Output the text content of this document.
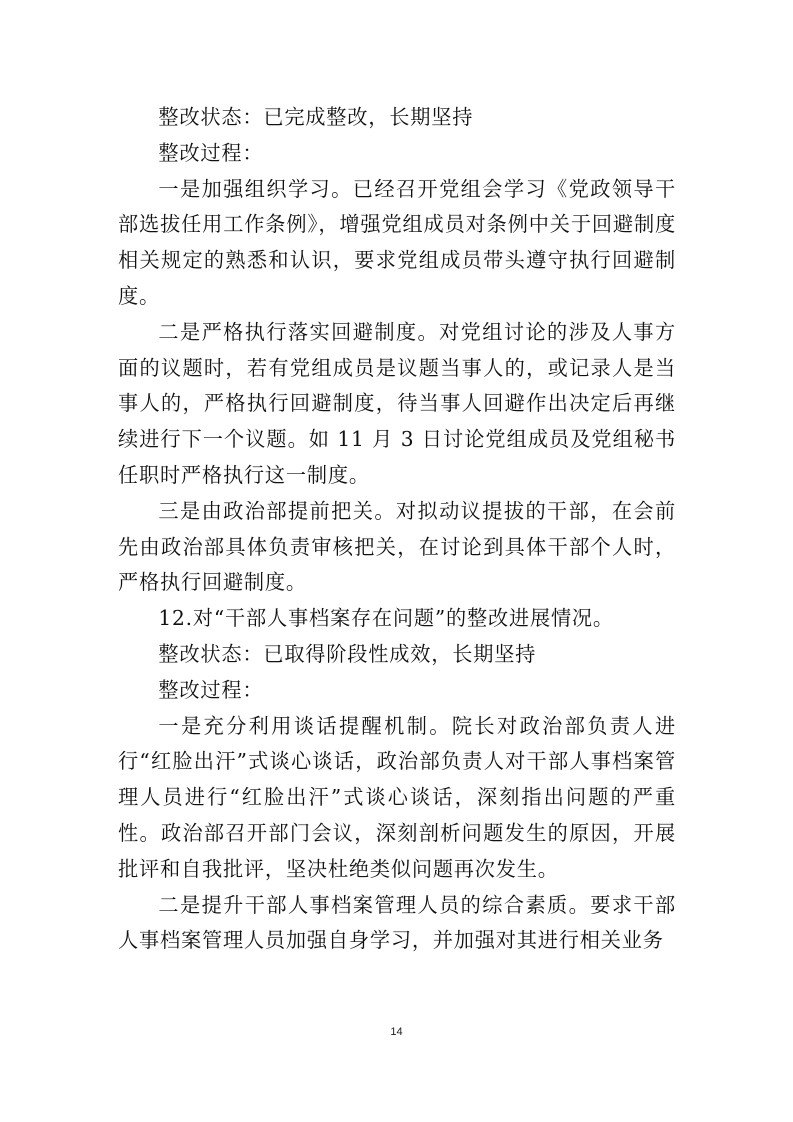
整改状态：已完成整改，长期坚持

整改过程：

一是加强组织学习。已经召开党组会学习《党政领导干部选拔任用工作条例》，增强党组成员对条例中关于回避制度相关规定的熟悉和认识，要求党组成员带头遵守执行回避制度。

二是严格执行落实回避制度。对党组讨论的涉及人事方面的议题时，若有党组成员是议题当事人的，或记录人是当事人的，严格执行回避制度，待当事人回避作出决定后再继续进行下一个议题。如 11 月 3 日讨论党组成员及党组秘书任职时严格执行这一制度。

三是由政治部提前把关。对拟动议提拔的干部，在会前先由政治部具体负责审核把关，在讨论到具体干部个人时，严格执行回避制度。

12.对“干部人事档案存在问题”的整改进展情况。

整改状态：已取得阶段性成效，长期坚持

整改过程：

一是充分利用谈话提醒机制。院长对政治部负责人进行“红脸出汗”式谈心谈话，政治部负责人对干部人事档案管理人员进行“红脸出汗”式谈心谈话，深刻指出问题的严重性。政治部召开部门会议，深刻剖析问题发生的原因，开展批评和自我批评，坚决杜绝类似问题再次发生。

二是提升干部人事档案管理人员的综合素质。要求干部人事档案管理人员加强自身学习，并加强对其进行相关业务

14
